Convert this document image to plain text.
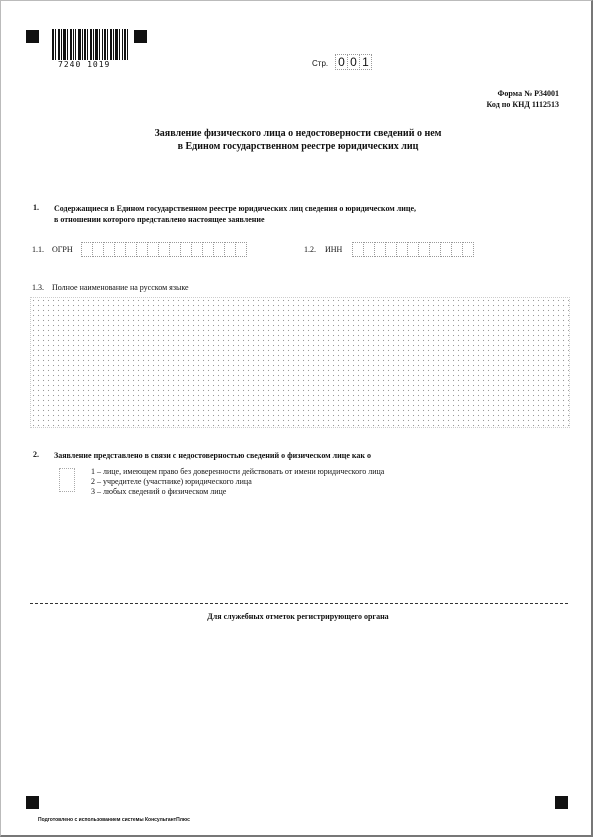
7240 1019	Стр. 0 0 1
Форма № Р34001
Код по КНД 1112513
Заявление физического лица о недостоверности сведений о нем
в Едином государственном реестре юридических лиц
1. Содержащиеся в Едином государственном реестре юридических лиц сведения о юридическом лице,
в отношении которого представлено настоящее заявление
1.1. ОГРН	1.2. ИНН
1.3. Полное наименование на русском языке
2. Заявление представлено в связи с недостоверностью сведений о физическом лице как о
1 – лице, имеющем право без доверенности действовать от имени юридического лица
2 – учредителе (участнике) юридического лица
3 – любых сведений о физическом лице
Для служебных отметок регистрирующего органа
Подготовлено с использованием системы КонсультантПлюс
